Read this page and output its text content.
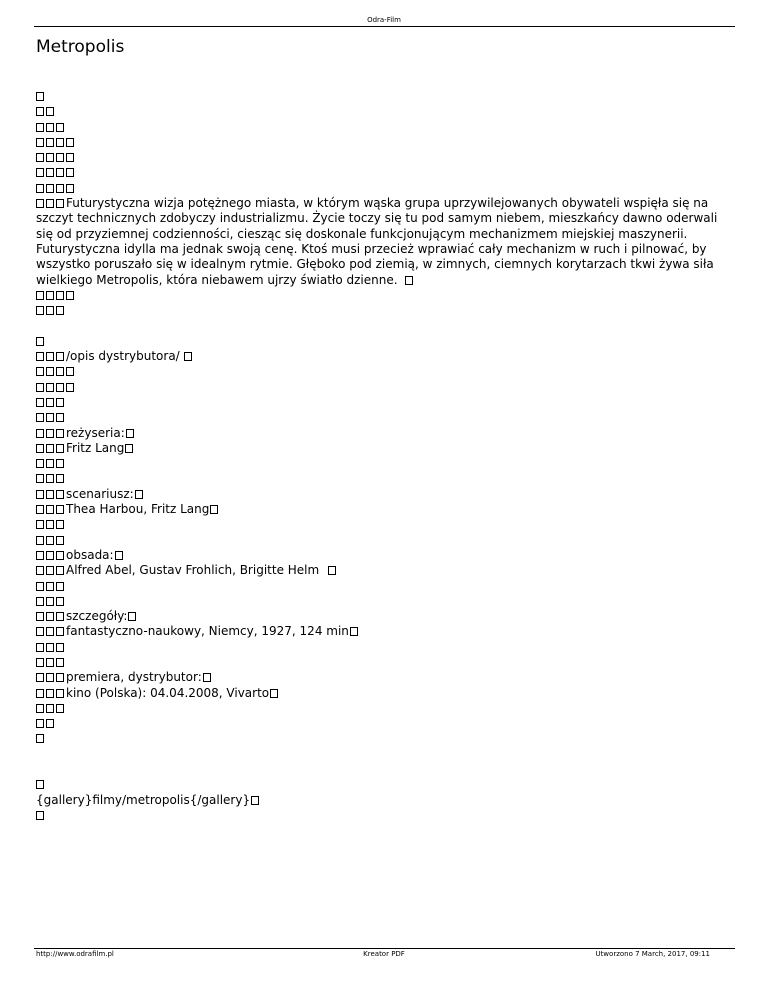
Odra-Film
Metropolis
Futurystyczna wizja potężnego miasta, w którym wąska grupa uprzywilejowanych obywateli wspięła się na szczyt technicznych zdobyczy industrializmu. Życie toczy się tu pod samym niebem, mieszkańcy dawno oderwali się od przyziemnej codzienności, ciesząc się doskonale funkcjonującym mechanizmem miejskiej maszynerii. Futurystyczna idylla ma jednak swoją cenę. Ktoś musi przecież wprawiać cały mechanizm w ruch i pilnować, by wszystko poruszało się w idealnym rytmie. Głęboko pod ziemią, w zimnych, ciemnych korytarzach tkwi żywa siła wielkiego Metropolis, która niebawem ujrzy światło dzienne.
/opis dystrybutora/
reżyseria:
Fritz Lang
scenariusz:
Thea Harbou, Fritz Lang
obsada:
Alfred Abel, Gustav Frohlich, Brigitte Helm
szczegóły:
fantastyczno-naukowy, Niemcy, 1927, 124 min
premiera, dystrybutor:
kino (Polska): 04.04.2008, Vivarto
{gallery}filmy/metropolis{/gallery}
http://www.odrafilm.pl	Kreator PDF	Utworzono 7 March, 2017, 09:11
